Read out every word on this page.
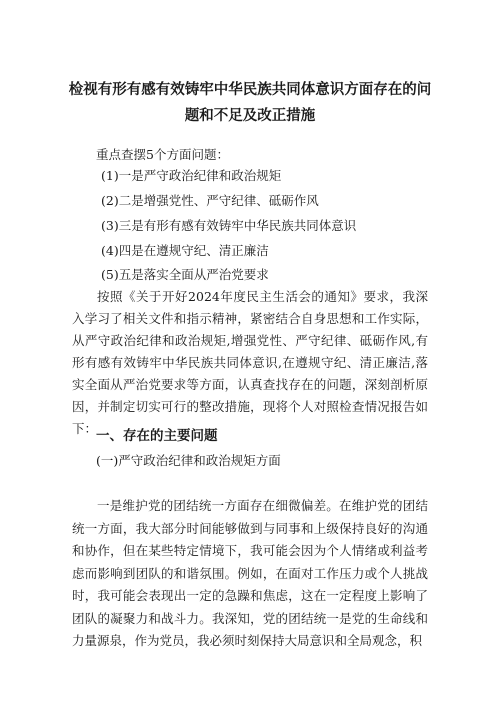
检视有形有感有效铸牢中华民族共同体意识方面存在的问
题和不足及改正措施
重点查摆5个方面问题：
(1)一是严守政治纪律和政治规矩
(2)二是增强党性、严守纪律、砥砺作风
(3)三是有形有感有效铸牢中华民族共同体意识
(4)四是在遵规守纪、清正廉洁
(5)五是落实全面从严治党要求
按照《关于开好2024年度民主生活会的通知》要求，我深入学习了相关文件和指示精神，紧密结合自身思想和工作实际，从严守政治纪律和政治规矩,增强党性、严守纪律、砥砺作风,有形有感有效铸牢中华民族共同体意识,在遵规守纪、清正廉洁,落实全面从严治党要求等方面，认真查找存在的问题，深刻剖析原因，并制定切实可行的整改措施，现将个人对照检查情况报告如下：
一、存在的主要问题
(一)严守政治纪律和政治规矩方面
一是维护党的团结统一方面存在细微偏差。在维护党的团结统一方面，我大部分时间能够做到与同事和上级保持良好的沟通和协作，但在某些特定情境下，我可能会因为个人情绪或利益考虑而影响到团队的和谐氛围。例如，在面对工作压力或个人挑战时，我可能会表现出一定的急躁和焦虑，这在一定程度上影响了团队的凝聚力和战斗力。我深知，党的团结统一是党的生命线和力量源泉，作为党员，我必须时刻保持大局意识和全局观念，积
